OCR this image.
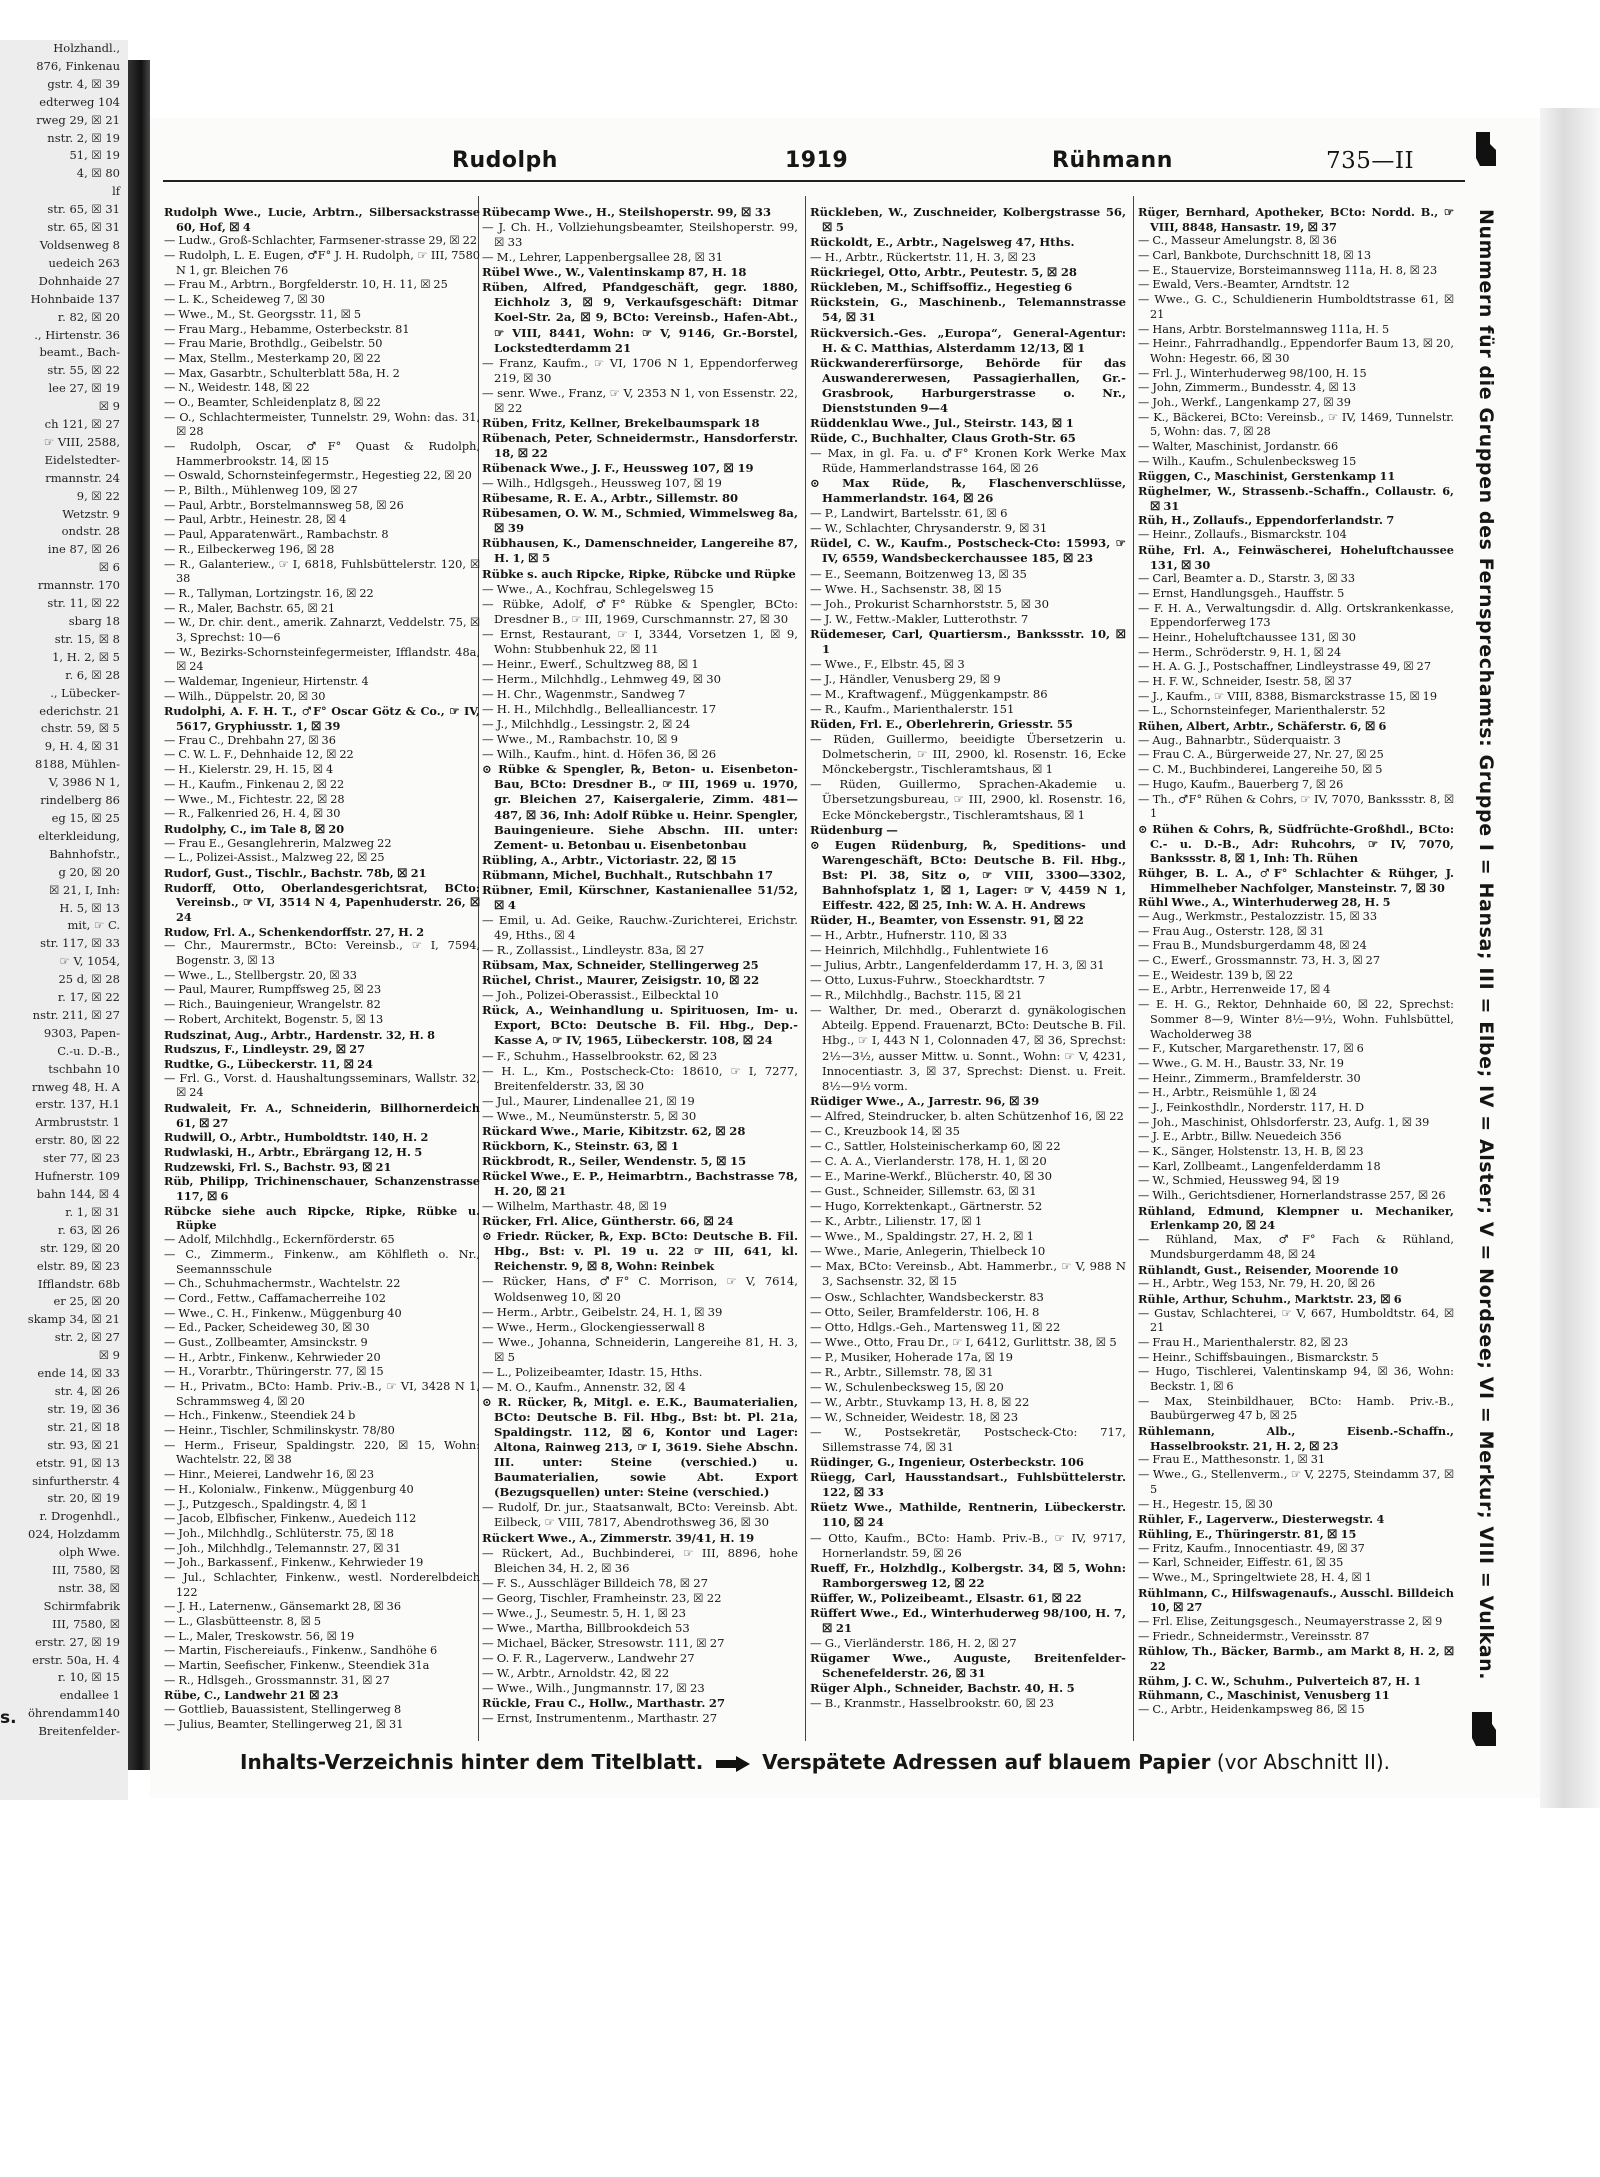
Holzhandl.,
876, Finkenau
gstr. 4, ☒ 39
edterweg 104
rweg 29, ☒ 21
nstr. 2, ☒ 19
51, ☒ 19
4, ☒ 80
lf
str. 65, ☒ 31
str. 65, ☒ 31
Voldsenweg 8
uedeich 263
Dohnhaide 27
Hohnbaide 137
r. 82, ☒ 20
., Hirtenstr. 36
beamt., Bach-
str. 55, ☒ 22
lee 27, ☒ 19
☒ 9
ch 121, ☒ 27
☞ VIII, 2588,
Eidelstedter-
rmannstr. 24
9, ☒ 22
Wetzstr. 9
ondstr. 28
ine 87, ☒ 26
☒ 6
rmannstr. 170
str. 11, ☒ 22
sbarg 18
str. 15, ☒ 8
1, H. 2, ☒ 5
r. 6, ☒ 28
., Lübecker-
ederichstr. 21
chstr. 59, ☒ 5
9, H. 4, ☒ 31
8188, Mühlen-
V, 3986 N 1,
rindelberg 86
eg 15, ☒ 25
elterkleidung,
Bahnhofstr.,
g 20, ☒ 20
☒ 21, I, Inh:
H. 5, ☒ 13
mit, ☞ C.
str. 117, ☒ 33
☞ V, 1054,
25 d, ☒ 28
r. 17, ☒ 22
nstr. 211, ☒ 27
9303, Papen-
C.-u. D.-B.,
tschbahn 10
rnweg 48, H. A
erstr. 137, H.1
Armbruststr. 1
erstr. 80, ☒ 22
ster 77, ☒ 23
Hufnerstr. 109
bahn 144, ☒ 4
r. 1, ☒ 31
r. 63, ☒ 26
str. 129, ☒ 20
elstr. 89, ☒ 23
Ifflandstr. 68b
er 25, ☒ 20
skamp 34, ☒ 21
str. 2, ☒ 27
☒ 9
ende 14, ☒ 33
str. 4, ☒ 26
str. 19, ☒ 36
str. 21, ☒ 18
str. 93, ☒ 21
etstr. 91, ☒ 13
sinfurtherstr. 4
str. 20, ☒ 19
r. Drogenhdl.,
024, Holzdamm
olph Wwe.
III, 7580, ☒
nstr. 38, ☒
Schirmfabrik
III, 7580, ☒
erstr. 27, ☒ 19
erstr. 50a, H. 4
r. 10, ☒ 15
endallee 1
öhrendamm140
Breitenfelder-
Rudolph	1919	Rühmann	735—II

Rudolph Wwe., Lucie, Arbtrn., Silbersackstrasse 60, Hof, ☒ 4

— Ludw., Groß-Schlachter, Farmsener-strasse 29, ☒ 22

— Rudolph, L. E. Eugen, ♂F° J. H. Rudolph, ☞ III, 7580 N 1, gr. Bleichen 76

— Frau M., Arbtrn., Borgfelderstr. 10, H. 11, ☒ 25

— L. K., Scheideweg 7, ☒ 30

— Wwe., M., St. Georgsstr. 11, ☒ 5

— Frau Marg., Hebamme, Osterbeckstr. 81

— Frau Marie, Brothdlg., Geibelstr. 50

— Max, Stellm., Mesterkamp 20, ☒ 22

— Max, Gasarbtr., Schulterblatt 58a, H. 2

— N., Weidestr. 148, ☒ 22

— O., Beamter, Schleidenplatz 8, ☒ 22

— O., Schlachtermeister, Tunnelstr. 29, Wohn: das. 31, ☒ 28

— Rudolph, Oscar, ♂F° Quast & Rudolph, Hammerbrookstr. 14, ☒ 15

— Oswald, Schornsteinfegermstr., Hegestieg 22, ☒ 20

— P., Bilth., Mühlenweg 109, ☒ 27

— Paul, Arbtr., Borstelmannsweg 58, ☒ 26

— Paul, Arbtr., Heinestr. 28, ☒ 4

— Paul, Apparatenwärt., Rambachstr. 8

— R., Eilbeckerweg 196, ☒ 28

— R., Galanteriew., ☞ I, 6818, Fuhlsbüttelerstr. 120, ☒ 38

— R., Tallyman, Lortzingstr. 16, ☒ 22

— R., Maler, Bachstr. 65, ☒ 21

— W., Dr. chir. dent., amerik. Zahnarzt, Veddelstr. 75, ☒ 3, Sprechst: 10—6

— W., Bezirks-Schornsteinfegermeister, Ifflandstr. 48a, ☒ 24

— Waldemar, Ingenieur, Hirtenstr. 4

— Wilh., Düppelstr. 20, ☒ 30

Rudolphi, A. F. H. T., ♂F° Oscar Götz & Co., ☞ IV, 5617, Gryphiusstr. 1, ☒ 39

— Frau C., Drehbahn 27, ☒ 36

— C. W. L. F., Dehnhaide 12, ☒ 22

— H., Kielerstr. 29, H. 15, ☒ 4

— H., Kaufm., Finkenau 2, ☒ 22

— Wwe., M., Fichtestr. 22, ☒ 28

— R., Falkenried 26, H. 4, ☒ 30

Rudolphy, C., im Tale 8, ☒ 20

— Frau E., Gesanglehrerin, Malzweg 22

— L., Polizei-Assist., Malzweg 22, ☒ 25

Rudorf, Gust., Tischlr., Bachstr. 78b, ☒ 21

Rudorff, Otto, Oberlandesgerichtsrat, BCto: Vereinsb., ☞ VI, 3514 N 4, Papenhuderstr. 26, ☒ 24

Rudow, Frl. A., Schenkendorffstr. 27, H. 2

— Chr., Maurermstr., BCto: Vereinsb., ☞ I, 7594, Bogenstr. 3, ☒ 13

— Wwe., L., Stellbergstr. 20, ☒ 33

— Paul, Maurer, Rumpffsweg 25, ☒ 23

— Rich., Bauingenieur, Wrangelstr. 82

— Robert, Architekt, Bogenstr. 5, ☒ 13

Rudszinat, Aug., Arbtr., Hardenstr. 32, H. 8

Rudszus, F., Lindleystr. 29, ☒ 27

Rudtke, G., Lübeckerstr. 11, ☒ 24

— Frl. G., Vorst. d. Haushaltungsseminars, Wallstr. 32, ☒ 24

Rudwaleit, Fr. A., Schneiderin, Billhornerdeich 61, ☒ 27

Rudwill, O., Arbtr., Humboldtstr. 140, H. 2

Rudwlaski, H., Arbtr., Ebrärgang 12, H. 5

Rudzewski, Frl. S., Bachstr. 93, ☒ 21

Rüb, Philipp, Trichinenschauer, Schanzenstrasse 117, ☒ 6

Rübcke siehe auch Ripcke, Ripke, Rübke u. Rüpke

— Adolf, Milchhdlg., Eckernförderstr. 65

— C., Zimmerm., Finkenw., am Köhlfleth o. Nr., Seemannsschule

— Ch., Schuhmachermstr., Wachtelstr. 22

— Cord., Fettw., Caffamacherreihe 102

— Wwe., C. H., Finkenw., Müggenburg 40

— Ed., Packer, Scheideweg 30, ☒ 30

— Gust., Zollbeamter, Amsinckstr. 9

— H., Arbtr., Finkenw., Kehrwieder 20

— H., Vorarbtr., Thüringerstr. 77, ☒ 15

— H., Privatm., BCto: Hamb. Priv.-B., ☞ VI, 3428 N 1, Schrammsweg 4, ☒ 20

— Hch., Finkenw., Steendiek 24 b

— Heinr., Tischler, Schmilinskystr. 78/80

— Herm., Friseur, Spaldingstr. 220, ☒ 15, Wohn: Wachtelstr. 22, ☒ 38

— Hinr., Meierei, Landwehr 16, ☒ 23

— H., Kolonialw., Finkenw., Müggenburg 40

— J., Putzgesch., Spaldingstr. 4, ☒ 1

— Jacob, Elbfischer, Finkenw., Auedeich 112

— Joh., Milchhdlg., Schlüterstr. 75, ☒ 18

— Joh., Milchhdlg., Telemannstr. 27, ☒ 31

— Joh., Barkassenf., Finkenw., Kehrwieder 19

— Jul., Schlachter, Finkenw., westl. Norderelbdeich 122

— J. H., Laternenw., Gänsemarkt 28, ☒ 36

— L., Glasbütteenstr. 8, ☒ 5

— L., Maler, Treskowstr. 56, ☒ 19

— Martin, Fischereiaufs., Finkenw., Sandhöhe 6

— Martin, Seefischer, Finkenw., Steendiek 31a

— R., Hdlsgeh., Grossmannstr. 31, ☒ 27

Rübe, C., Landwehr 21 ☒ 23

— Gottlieb, Bauassistent, Stellingerweg 8

— Julius, Beamter, Stellingerweg 21, ☒ 31

Rübecamp Wwe., H., Steilshoperstr. 99, ☒ 33

— J. Ch. H., Vollziehungsbeamter, Steilshoperstr. 99, ☒ 33

— M., Lehrer, Lappenbergsallee 28, ☒ 31

Rübel Wwe., W., Valentinskamp 87, H. 18

Rüben, Alfred, Pfandgeschäft, gegr. 1880, Eichholz 3, ☒ 9, Verkaufsgeschäft: Ditmar Koel-Str. 2a, ☒ 9, BCto: Vereinsb., Hafen-Abt., ☞ VIII, 8441, Wohn: ☞ V, 9146, Gr.-Borstel, Lockstedterdamm 21

— Franz, Kaufm., ☞ VI, 1706 N 1, Eppendorferweg 219, ☒ 30

— senr. Wwe., Franz, ☞ V, 2353 N 1, von Essenstr. 22, ☒ 22

Rüben, Fritz, Kellner, Brekelbaumspark 18

Rübenach, Peter, Schneidermstr., Hansdorferstr. 18, ☒ 22

Rübenack Wwe., J. F., Heussweg 107, ☒ 19

— Wilh., Hdlgsgeh., Heussweg 107, ☒ 19

Rübesame, R. E. A., Arbtr., Sillemstr. 80

Rübesamen, O. W. M., Schmied, Wimmelsweg 8a, ☒ 39

Rübhausen, K., Damenschneider, Langereihe 87, H. 1, ☒ 5

Rübke s. auch Ripcke, Ripke, Rübcke und Rüpke

— Wwe., A., Kochfrau, Schlegelsweg 15

— Rübke, Adolf, ♂F° Rübke & Spengler, BCto: Dresdner B., ☞ III, 1969, Curschmannstr. 27, ☒ 30

— Ernst, Restaurant, ☞ I, 3344, Vorsetzen 1, ☒ 9, Wohn: Stubbenhuk 22, ☒ 11

— Heinr., Ewerf., Schultzweg 88, ☒ 1

— Herm., Milchhdlg., Lehmweg 49, ☒ 30

— H. Chr., Wagenmstr., Sandweg 7

— H. H., Milchhdlg., Bellealliancestr. 17

— J., Milchhdlg., Lessingstr. 2, ☒ 24

— Wwe., M., Rambachstr. 10, ☒ 9

— Wilh., Kaufm., hint. d. Höfen 36, ☒ 26

⊙ Rübke & Spengler, ℞, Beton- u. Eisenbeton-Bau, BCto: Dresdner B., ☞ III, 1969 u. 1970, gr. Bleichen 27, Kaisergalerie, Zimm. 481—487, ☒ 36, Inh: Adolf Rübke u. Heinr. Spengler, Bauingenieure. Siehe Abschn. III. unter: Zement- u. Betonbau u. Eisenbetonbau

Rübling, A., Arbtr., Victoriastr. 22, ☒ 15

Rübmann, Michel, Buchhalt., Rutschbahn 17

Rübner, Emil, Kürschner, Kastanienallee 51/52, ☒ 4

— Emil, u. Ad. Geike, Rauchw.-Zurichterei, Erichstr. 49, Hths., ☒ 4

— R., Zollassist., Lindleystr. 83a, ☒ 27

Rübsam, Max, Schneider, Stellingerweg 25

Rüchel, Christ., Maurer, Zeisigstr. 10, ☒ 22

— Joh., Polizei-Oberassist., Eilbecktal 10

Rück, A., Weinhandlung u. Spirituosen, Im- u. Export, BCto: Deutsche B. Fil. Hbg., Dep.-Kasse A, ☞ IV, 1965, Lübeckerstr. 108, ☒ 24

— F., Schuhm., Hasselbrookstr. 62, ☒ 23

— H. L., Km., Postscheck-Cto: 18610, ☞ I, 7277, Breitenfelderstr. 33, ☒ 30

— Jul., Maurer, Lindenallee 21, ☒ 19

— Wwe., M., Neumünsterstr. 5, ☒ 30

Rückard Wwe., Marie, Kibitzstr. 62, ☒ 28

Rückborn, K., Steinstr. 63, ☒ 1

Rückbrodt, R., Seiler, Wendenstr. 5, ☒ 15

Rückel Wwe., E. P., Heimarbtrn., Bachstrasse 78, H. 20, ☒ 21

— Wilhelm, Marthastr. 48, ☒ 19

Rücker, Frl. Alice, Güntherstr. 66, ☒ 24

⊙ Friedr. Rücker, ℞, Exp. BCto: Deutsche B. Fil. Hbg., Bst: v. Pl. 19 u. 22 ☞ III, 641, kl. Reichenstr. 9, ☒ 8, Wohn: Reinbek

— Rücker, Hans, ♂F° C. Morrison, ☞ V, 7614, Woldsenweg 10, ☒ 20

— Herm., Arbtr., Geibelstr. 24, H. 1, ☒ 39

— Wwe., Herm., Glockengiesserwall 8

— Wwe., Johanna, Schneiderin, Langereihe 81, H. 3, ☒ 5

— L., Polizeibeamter, Idastr. 15, Hths.

— M. O., Kaufm., Annenstr. 32, ☒ 4

⊙ R. Rücker, ℞, Mitgl. e. E.K., Baumaterialien, BCto: Deutsche B. Fil. Hbg., Bst: bt. Pl. 21a, Spaldingstr. 112, ☒ 6, Kontor und Lager: Altona, Rainweg 213, ☞ I, 3619. Siehe Abschn. III. unter: Steine (verschied.) u. Baumaterialien, sowie Abt. Export (Bezugsquellen) unter: Steine (verschied.)

— Rudolf, Dr. jur., Staatsanwalt, BCto: Vereinsb. Abt. Eilbeck, ☞ VIII, 7817, Abendrothsweg 36, ☒ 30

Rückert Wwe., A., Zimmerstr. 39/41, H. 19

— Rückert, Ad., Buchbinderei, ☞ III, 8896, hohe Bleichen 34, H. 2, ☒ 36

— F. S., Ausschläger Billdeich 78, ☒ 27

— Georg, Tischler, Framheinstr. 23, ☒ 22

— Wwe., J., Seumestr. 5, H. 1, ☒ 23

— Wwe., Martha, Billbrookdeich 53

— Michael, Bäcker, Stresowstr. 111, ☒ 27

— O. F. R., Lagerverw., Landwehr 27

— W., Arbtr., Arnoldstr. 42, ☒ 22

— Wwe., Wilh., Jungmannstr. 17, ☒ 23

Rückle, Frau C., Hollw., Marthastr. 27

— Ernst, Instrumentenm., Marthastr. 27

Rückleben, W., Zuschneider, Kolbergstrasse 56, ☒ 5

Rückoldt, E., Arbtr., Nagelsweg 47, Hths.

— H., Arbtr., Rückertstr. 11, H. 3, ☒ 23

Rückriegel, Otto, Arbtr., Peutestr. 5, ☒ 28

Rückleben, M., Schiffsoffiz., Hegestieg 6

Rückstein, G., Maschinenb., Telemannstrasse 54, ☒ 31

Rückversich.-Ges. „Europa“, General-Agentur: H. & C. Matthias, Alsterdamm 12/13, ☒ 1

Rückwandererfürsorge, Behörde für das Auswandererwesen, Passagierhallen, Gr.-Grasbrook, Harburgerstrasse o. Nr., Dienststunden 9—4

Rüddenklau Wwe., Jul., Steirstr. 143, ☒ 1

Rüde, C., Buchhalter, Claus Groth-Str. 65

— Max, in gl. Fa. u. ♂F° Kronen Kork Werke Max Rüde, Hammerlandstrasse 164, ☒ 26

⊙ Max Rüde, ℞, Flaschenverschlüsse, Hammerlandstr. 164, ☒ 26

— P., Landwirt, Bartelsstr. 61, ☒ 6

— W., Schlachter, Chrysanderstr. 9, ☒ 31

Rüdel, C. W., Kaufm., Postscheck-Cto: 15993, ☞ IV, 6559, Wandsbeckerchaussee 185, ☒ 23

— E., Seemann, Boitzenweg 13, ☒ 35

— Wwe. H., Sachsenstr. 38, ☒ 15

— Joh., Prokurist Scharnhorststr. 5, ☒ 30

— J. W., Fettw.-Makler, Lutterothstr. 7

Rüdemeser, Carl, Quartiersm., Bankssstr. 10, ☒ 1

— Wwe., F., Elbstr. 45, ☒ 3

— J., Händler, Venusberg 29, ☒ 9

— M., Kraftwagenf., Müggenkampstr. 86

— R., Kaufm., Marienthalerstr. 151

Rüden, Frl. E., Oberlehrerin, Griesstr. 55

— Rüden, Guillermo, beeidigte Übersetzerin u. Dolmetscherin, ☞ III, 2900, kl. Rosenstr. 16, Ecke Mönckebergstr., Tischleramtshaus, ☒ 1

— Rüden, Guillermo, Sprachen-Akademie u. Übersetzungsbureau, ☞ III, 2900, kl. Rosenstr. 16, Ecke Mönckebergstr., Tischleramtshaus, ☒ 1

Rüdenburg —

⊙ Eugen Rüdenburg, ℞, Speditions- und Warengeschäft, BCto: Deutsche B. Fil. Hbg., Bst: Pl. 38, Sitz o, ☞ VIII, 3300—3302, Bahnhofsplatz 1, ☒ 1, Lager: ☞ V, 4459 N 1, Eiffestr. 422, ☒ 25, Inh: W. A. H. Andrews

Rüder, H., Beamter, von Essenstr. 91, ☒ 22

— H., Arbtr., Hufnerstr. 110, ☒ 33

— Heinrich, Milchhdlg., Fuhlentwiete 16

— Julius, Arbtr., Langenfelderdamm 17, H. 3, ☒ 31

— Otto, Luxus-Fuhrw., Stoeckhardtstr. 7

— R., Milchhdlg., Bachstr. 115, ☒ 21

— Walther, Dr. med., Oberarzt d. gynäkologischen Abteilg. Eppend. Frauenarzt, BCto: Deutsche B. Fil. Hbg., ☞ I, 443 N 1, Colonnaden 47, ☒ 36, Sprechst: 2½—3½, ausser Mittw. u. Sonnt., Wohn: ☞ V, 4231, Innocentiastr. 3, ☒ 37, Sprechst: Dienst. u. Freit. 8½—9½ vorm.

Rüdiger Wwe., A., Jarrestr. 96, ☒ 39

— Alfred, Steindrucker, b. alten Schützenhof 16, ☒ 22

— C., Kreuzbook 14, ☒ 35

— C., Sattler, Holsteinischerkamp 60, ☒ 22

— C. A. A., Vierlanderstr. 178, H. 1, ☒ 20

— E., Marine-Werkf., Blücherstr. 40, ☒ 30

— Gust., Schneider, Sillemstr. 63, ☒ 31

— Hugo, Korrektenkapt., Gärtnerstr. 52

— K., Arbtr., Lilienstr. 17, ☒ 1

— Wwe., M., Spaldingstr. 27, H. 2, ☒ 1

— Wwe., Marie, Anlegerin, Thielbeck 10

— Max, BCto: Vereinsb., Abt. Hammerbr., ☞ V, 988 N 3, Sachsenstr. 32, ☒ 15

— Osw., Schlachter, Wandsbeckerstr. 83

— Otto, Seiler, Bramfelderstr. 106, H. 8

— Otto, Hdlgs.-Geh., Martensweg 11, ☒ 22

— Wwe., Otto, Frau Dr., ☞ I, 6412, Gurlittstr. 38, ☒ 5

— P., Musiker, Hoherade 17a, ☒ 19

— R., Arbtr., Sillemstr. 78, ☒ 31

— W., Schulenbecksweg 15, ☒ 20

— W., Arbtr., Stuvkamp 13, H. 8, ☒ 22

— W., Schneider, Weidestr. 18, ☒ 23

— W., Postsekretär, Postscheck-Cto: 717, Sillemstrasse 74, ☒ 31

Rüdinger, G., Ingenieur, Osterbeckstr. 106

Rüegg, Carl, Hausstandsart., Fuhlsbüttelerstr. 122, ☒ 33

Rüetz Wwe., Mathilde, Rentnerin, Lübeckerstr. 110, ☒ 24

— Otto, Kaufm., BCto: Hamb. Priv.-B., ☞ IV, 9717, Hornerlandstr. 59, ☒ 26

Rueff, Fr., Holzhdlg., Kolbergstr. 34, ☒ 5, Wohn: Ramborgersweg 12, ☒ 22

Rüffer, W., Polizeibeamt., Elsastr. 61, ☒ 22

Rüffert Wwe., Ed., Winterhuderweg 98/100, H. 7, ☒ 21

— G., Vierländerstr. 186, H. 2, ☒ 27

Rügamer Wwe., Auguste, Breitenfelder-Schenefelderstr. 26, ☒ 31

Rüger Alph., Schneider, Bachstr. 40, H. 5

— B., Kranmstr., Hasselbrookstr. 60, ☒ 23

Rüger, Bernhard, Apotheker, BCto: Nordd. B., ☞ VIII, 8848, Hansastr. 19, ☒ 37

— C., Masseur Amelungstr. 8, ☒ 36

— Carl, Bankbote, Durchschnitt 18, ☒ 13

— E., Stauervize, Borsteimannsweg 111a, H. 8, ☒ 23

— Ewald, Vers.-Beamter, Arndtstr. 12

— Wwe., G. C., Schuldienerin Humboldtstrasse 61, ☒ 21

— Hans, Arbtr. Borstelmannsweg 111a, H. 5

— Heinr., Fahrradhandlg., Eppendorfer Baum 13, ☒ 20, Wohn: Hegestr. 66, ☒ 30

— Frl. J., Winterhuderweg 98/100, H. 15

— John, Zimmerm., Bundesstr. 4, ☒ 13

— Joh., Werkf., Langenkamp 27, ☒ 39

— K., Bäckerei, BCto: Vereinsb., ☞ IV, 1469, Tunnelstr. 5, Wohn: das. 7, ☒ 28

— Walter, Maschinist, Jordanstr. 66

— Wilh., Kaufm., Schulenbecksweg 15

Rüggen, C., Maschinist, Gerstenkamp 11

Rüghelmer, W., Strassenb.-Schaffn., Collaustr. 6, ☒ 31

Rüh, H., Zollaufs., Eppendorferlandstr. 7

— Heinr., Zollaufs., Bismarckstr. 104

Rühe, Frl. A., Feinwäscherei, Hoheluftchaussee 131, ☒ 30

— Carl, Beamter a. D., Starstr. 3, ☒ 33

— Ernst, Handlungsgeh., Hauffstr. 5

— F. H. A., Verwaltungsdir. d. Allg. Ortskrankenkasse, Eppendorferweg 173

— Heinr., Hoheluftchaussee 131, ☒ 30

— Herm., Schröderstr. 9, H. 1, ☒ 24

— H. A. G. J., Postschaffner, Lindleystrasse 49, ☒ 27

— H. F. W., Schneider, Isestr. 58, ☒ 37

— J., Kaufm., ☞ VIII, 8388, Bismarckstrasse 15, ☒ 19

— L., Schornsteinfeger, Marienthalerstr. 52

Rühen, Albert, Arbtr., Schäferstr. 6, ☒ 6

— Aug., Bahnarbtr., Süderquaistr. 3

— Frau C. A., Bürgerweide 27, Nr. 27, ☒ 25

— C. M., Buchbinderei, Langereihe 50, ☒ 5

— Hugo, Kaufm., Bauerberg 7, ☒ 26

— Th., ♂F° Rühen & Cohrs, ☞ IV, 7070, Bankssstr. 8, ☒ 1

⊙ Rühen & Cohrs, ℞, Südfrüchte-Großhdl., BCto: C.- u. D.-B., Adr: Ruhcohrs, ☞ IV, 7070, Bankssstr. 8, ☒ 1, Inh: Th. Rühen

Rühger, B. L. A., ♂F° Schlachter & Rühger, J. Himmelheber Nachfolger, Mansteinstr. 7, ☒ 30

Rühl Wwe., A., Winterhuderweg 28, H. 5

— Aug., Werkmstr., Pestalozzistr. 15, ☒ 33

— Frau Aug., Osterstr. 128, ☒ 31

— Frau B., Mundsburgerdamm 48, ☒ 24

— C., Ewerf., Grossmannstr. 73, H. 3, ☒ 27

— E., Weidestr. 139 b, ☒ 22

— E., Arbtr., Herrenweide 17, ☒ 4

— E. H. G., Rektor, Dehnhaide 60, ☒ 22, Sprechst: Sommer 8—9, Winter 8½—9½, Wohn. Fuhlsbüttel, Wacholderweg 38

— F., Kutscher, Margarethenstr. 17, ☒ 6

— Wwe., G. M. H., Baustr. 33, Nr. 19

— Heinr., Zimmerm., Bramfelderstr. 30

— H., Arbtr., Reismühle 1, ☒ 24

— J., Feinkosthdlr., Norderstr. 117, H. D

— Joh., Maschinist, Ohlsdorferstr. 23, Aufg. 1, ☒ 39

— J. E., Arbtr., Billw. Neuedeich 356

— K., Sänger, Holstenstr. 13, H. B, ☒ 23

— Karl, Zollbeamt., Langenfelderdamm 18

— W., Schmied, Heussweg 94, ☒ 19

— Wilh., Gerichtsdiener, Hornerlandstrasse 257, ☒ 26

Rühland, Edmund, Klempner u. Mechaniker, Erlenkamp 20, ☒ 24

— Rühland, Max, ♂F° Fach & Rühland, Mundsburgerdamm 48, ☒ 24

Rühlandt, Gust., Reisender, Moorende 10

— H., Arbtr., Weg 153, Nr. 79, H. 20, ☒ 26

Rühle, Arthur, Schuhm., Marktstr. 23, ☒ 6

— Gustav, Schlachterei, ☞ V, 667, Humboldtstr. 64, ☒ 21

— Frau H., Marienthalerstr. 82, ☒ 23

— Heinr., Schiffsbauingen., Bismarckstr. 5

— Hugo, Tischlerei, Valentinskamp 94, ☒ 36, Wohn: Beckstr. 1, ☒ 6

— Max, Steinbildhauer, BCto: Hamb. Priv.-B., Baubürgerweg 47 b, ☒ 25

Rühlemann, Alb., Eisenb.-Schaffn., Hasselbrookstr. 21, H. 2, ☒ 23

— Frau E., Matthesonstr. 1, ☒ 31

— Wwe., G., Stellenverm., ☞ V, 2275, Steindamm 37, ☒ 5

— H., Hegestr. 15, ☒ 30

Rühler, F., Lagerverw., Diesterwegstr. 4

Rühling, E., Thüringerstr. 81, ☒ 15

— Fritz, Kaufm., Innocentiastr. 49, ☒ 37

— Karl, Schneider, Eiffestr. 61, ☒ 35

— Wwe., M., Springeltwiete 28, H. 4, ☒ 1

Rühlmann, C., Hilfswagenaufs., Ausschl. Billdeich 10, ☒ 27

— Frl. Elise, Zeitungsgesch., Neumayerstrasse 2, ☒ 9

— Friedr., Schneidermstr., Vereinsstr. 87

Rühlow, Th., Bäcker, Barmb., am Markt 8, H. 2, ☒ 22

Rühm, J. C. W., Schuhm., Pulverteich 87, H. 1

Rühmann, C., Maschinist, Venusberg 11

— C., Arbtr., Heidenkampsweg 86, ☒ 15

Nummern für die Gruppen des Fernsprechamts: Gruppe I = Hansa; III = Elbe; IV = Alster; V = Nordsee; VI = Merkur; VIII = Vulkan.
Inhalts-Verzeichnis hinter dem Titelblatt.	Verspätete Adressen auf blauem Papier (vor Abschnitt II).
s.
